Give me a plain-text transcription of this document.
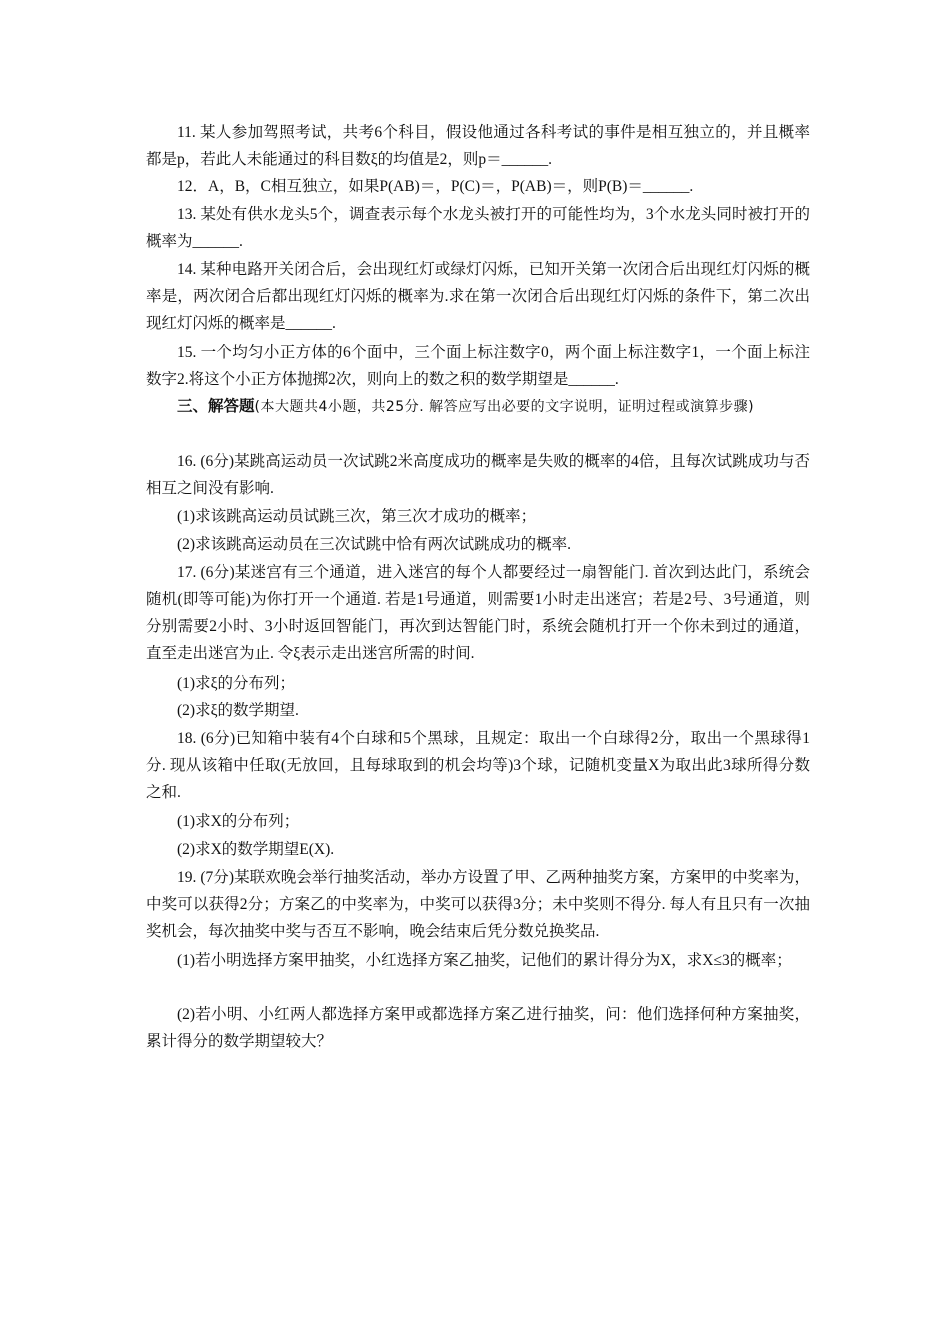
11. 某人参加驾照考试，共考6个科目，假设他通过各科考试的事件是相互独立的，并且概率都是p，若此人未能通过的科目数ξ的均值是2，则p＝______.

12．A，B，C相互独立，如果P(AB)＝，P(C)＝，P(AB)＝，则P(B)＝______.

13. 某处有供水龙头5个，调查表示每个水龙头被打开的可能性均为，3个水龙头同时被打开的概率为______.

14. 某种电路开关闭合后，会出现红灯或绿灯闪烁，已知开关第一次闭合后出现红灯闪烁的概率是，两次闭合后都出现红灯闪烁的概率为.求在第一次闭合后出现红灯闪烁的条件下，第二次出现红灯闪烁的概率是______.

15. 一个均匀小正方体的6个面中，三个面上标注数字0，两个面上标注数字1，一个面上标注数字2.将这个小正方体抛掷2次，则向上的数之积的数学期望是______.

三、解答题(本大题共4小题，共25分. 解答应写出必要的文字说明，证明过程或演算步骤)

16. (6分)某跳高运动员一次试跳2米高度成功的概率是失败的概率的4倍，且每次试跳成功与否相互之间没有影响.

(1)求该跳高运动员试跳三次，第三次才成功的概率；

(2)求该跳高运动员在三次试跳中恰有两次试跳成功的概率.

17. (6分)某迷宫有三个通道，进入迷宫的每个人都要经过一扇智能门. 首次到达此门，系统会随机(即等可能)为你打开一个通道. 若是1号通道，则需要1小时走出迷宫；若是2号、3号通道，则分别需要2小时、3小时返回智能门，再次到达智能门时，系统会随机打开一个你未到过的通道，直至走出迷宫为止. 令ξ表示走出迷宫所需的时间.

(1)求ξ的分布列；

(2)求ξ的数学期望.

18. (6分)已知箱中装有4个白球和5个黑球，且规定：取出一个白球得2分，取出一个黑球得1分. 现从该箱中任取(无放回，且每球取到的机会均等)3个球，记随机变量X为取出此3球所得分数之和.

(1)求X的分布列；

(2)求X的数学期望E(X).

19. (7分)某联欢晚会举行抽奖活动，举办方设置了甲、乙两种抽奖方案，方案甲的中奖率为，中奖可以获得2分；方案乙的中奖率为，中奖可以获得3分；未中奖则不得分. 每人有且只有一次抽奖机会，每次抽奖中奖与否互不影响，晚会结束后凭分数兑换奖品.

(1)若小明选择方案甲抽奖，小红选择方案乙抽奖，记他们的累计得分为X，求X≤3的概率；

(2)若小明、小红两人都选择方案甲或都选择方案乙进行抽奖，问：他们选择何种方案抽奖，累计得分的数学期望较大？
